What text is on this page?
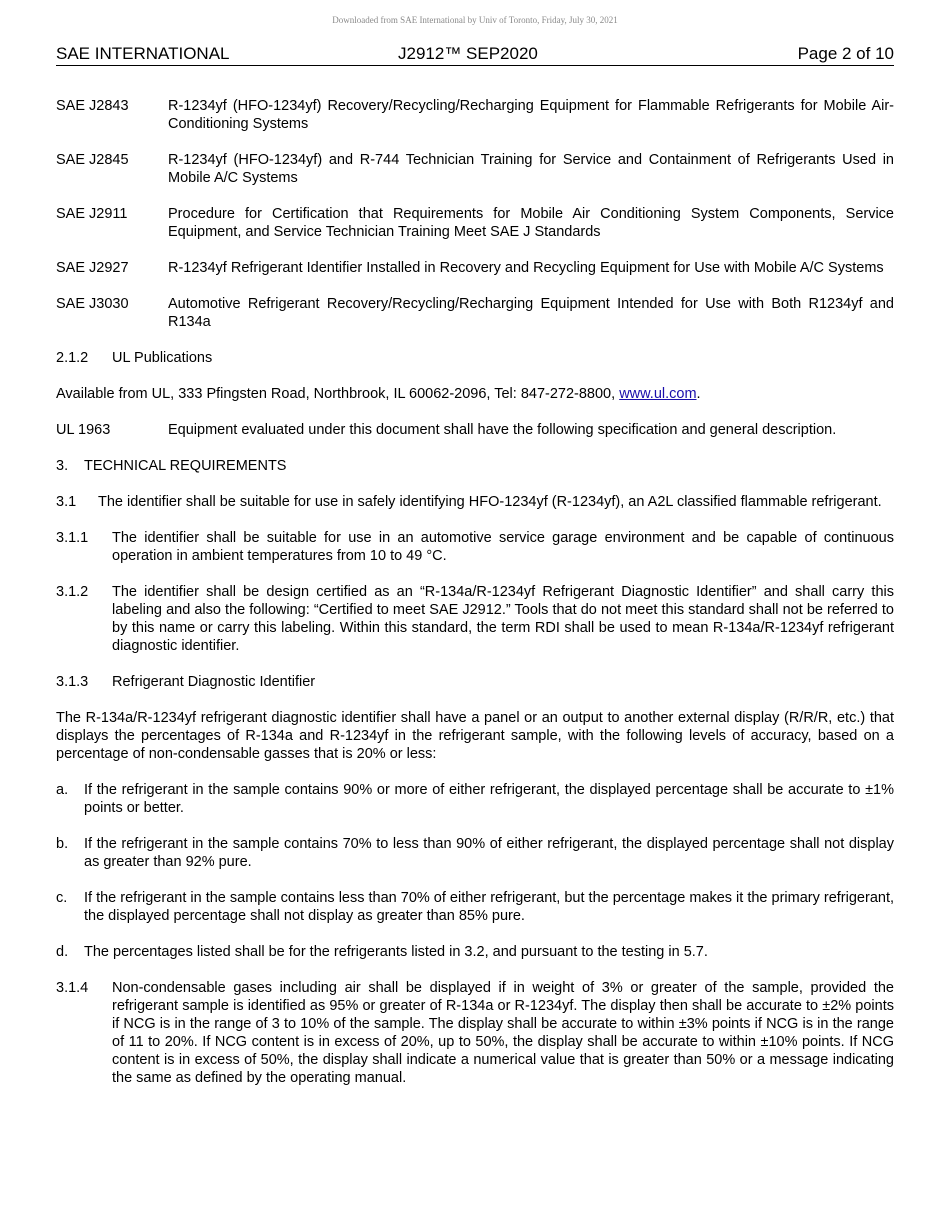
Downloaded from SAE International by Univ of Toronto, Friday, July 30, 2021
SAE INTERNATIONAL	J2912™ SEP2020	Page 2 of 10
SAE J2843	R-1234yf (HFO-1234yf) Recovery/Recycling/Recharging Equipment for Flammable Refrigerants for Mobile Air-Conditioning Systems
SAE J2845	R-1234yf (HFO-1234yf) and R-744 Technician Training for Service and Containment of Refrigerants Used in Mobile A/C Systems
SAE J2911	Procedure for Certification that Requirements for Mobile Air Conditioning System Components, Service Equipment, and Service Technician Training Meet SAE J Standards
SAE J2927	R-1234yf Refrigerant Identifier Installed in Recovery and Recycling Equipment for Use with Mobile A/C Systems
SAE J3030	Automotive Refrigerant Recovery/Recycling/Recharging Equipment Intended for Use with Both R1234yf and R134a
2.1.2	UL Publications

Available from UL, 333 Pfingsten Road, Northbrook, IL 60062-2096, Tel: 847-272-8800, www.ul.com.

UL 1963	Equipment evaluated under this document shall have the following specification and general description.
3.	TECHNICAL REQUIREMENTS
3.1	The identifier shall be suitable for use in safely identifying HFO-1234yf (R-1234yf), an A2L classified flammable refrigerant.
3.1.1	The identifier shall be suitable for use in an automotive service garage environment and be capable of continuous operation in ambient temperatures from 10 to 49 °C.
3.1.2	The identifier shall be design certified as an “R-134a/R-1234yf Refrigerant Diagnostic Identifier” and shall carry this labeling and also the following: “Certified to meet SAE J2912.” Tools that do not meet this standard shall not be referred to by this name or carry this labeling. Within this standard, the term RDI shall be used to mean R-134a/R-1234yf refrigerant diagnostic identifier.
3.1.3	Refrigerant Diagnostic Identifier

The R-134a/R-1234yf refrigerant diagnostic identifier shall have a panel or an output to another external display (R/R/R, etc.) that displays the percentages of R-134a and R-1234yf in the refrigerant sample, with the following levels of accuracy, based on a percentage of non-condensable gasses that is 20% or less:

a.	If the refrigerant in the sample contains 90% or more of either refrigerant, the displayed percentage shall be accurate to ±1% points or better.
b.	If the refrigerant in the sample contains 70% to less than 90% of either refrigerant, the displayed percentage shall not display as greater than 92% pure.
c.	If the refrigerant in the sample contains less than 70% of either refrigerant, but the percentage makes it the primary refrigerant, the displayed percentage shall not display as greater than 85% pure.
d.	The percentages listed shall be for the refrigerants listed in 3.2, and pursuant to the testing in 5.7.
3.1.4	Non-condensable gases including air shall be displayed if in weight of 3% or greater of the sample, provided the refrigerant sample is identified as 95% or greater of R-134a or R-1234yf. The display then shall be accurate to ±2% points if NCG is in the range of 3 to 10% of the sample. The display shall be accurate to within ±3% points if NCG is in the range of 11 to 20%. If NCG content is in excess of 20%, up to 50%, the display shall be accurate to within ±10% points. If NCG content is in excess of 50%, the display shall indicate a numerical value that is greater than 50% or a message indicating the same as defined by the operating manual.
